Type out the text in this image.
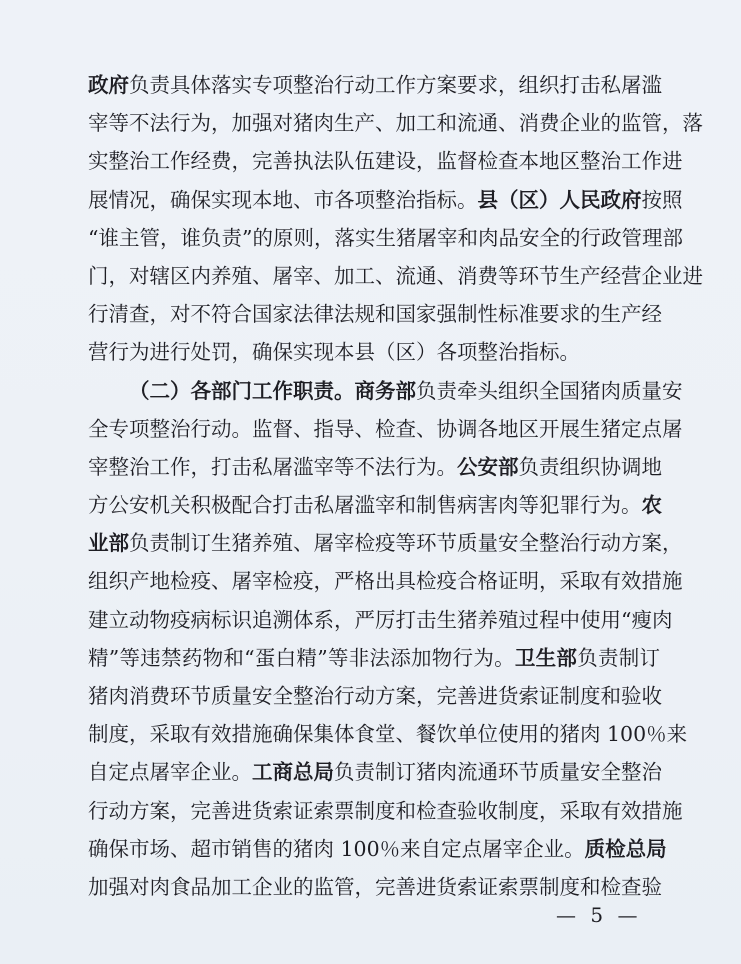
政府负责具体落实专项整治行动工作方案要求，组织打击私屠滥
宰等不法行为，加强对猪肉生产、加工和流通、消费企业的监管，落
实整治工作经费，完善执法队伍建设，监督检查本地区整治工作进
展情况，确保实现本地、市各项整治指标。县（区）人民政府按照
“谁主管，谁负责”的原则，落实生猪屠宰和肉品安全的行政管理部
门，对辖区内养殖、屠宰、加工、流通、消费等环节生产经营企业进
行清查，对不符合国家法律法规和国家强制性标准要求的生产经
营行为进行处罚，确保实现本县（区）各项整治指标。
（二）各部门工作职责。商务部负责牵头组织全国猪肉质量安
全专项整治行动。监督、指导、检查、协调各地区开展生猪定点屠
宰整治工作，打击私屠滥宰等不法行为。公安部负责组织协调地
方公安机关积极配合打击私屠滥宰和制售病害肉等犯罪行为。农
业部负责制订生猪养殖、屠宰检疫等环节质量安全整治行动方案，
组织产地检疫、屠宰检疫，严格出具检疫合格证明，采取有效措施
建立动物疫病标识追溯体系，严厉打击生猪养殖过程中使用“瘦肉
精”等违禁药物和“蛋白精”等非法添加物行为。卫生部负责制订
猪肉消费环节质量安全整治行动方案，完善进货索证制度和验收
制度，采取有效措施确保集体食堂、餐饮单位使用的猪肉 100％来
自定点屠宰企业。工商总局负责制订猪肉流通环节质量安全整治
行动方案，完善进货索证索票制度和检查验收制度，采取有效措施
确保市场、超市销售的猪肉 100％来自定点屠宰企业。质检总局
加强对肉食品加工企业的监管，完善进货索证索票制度和检查验
— 5 —
